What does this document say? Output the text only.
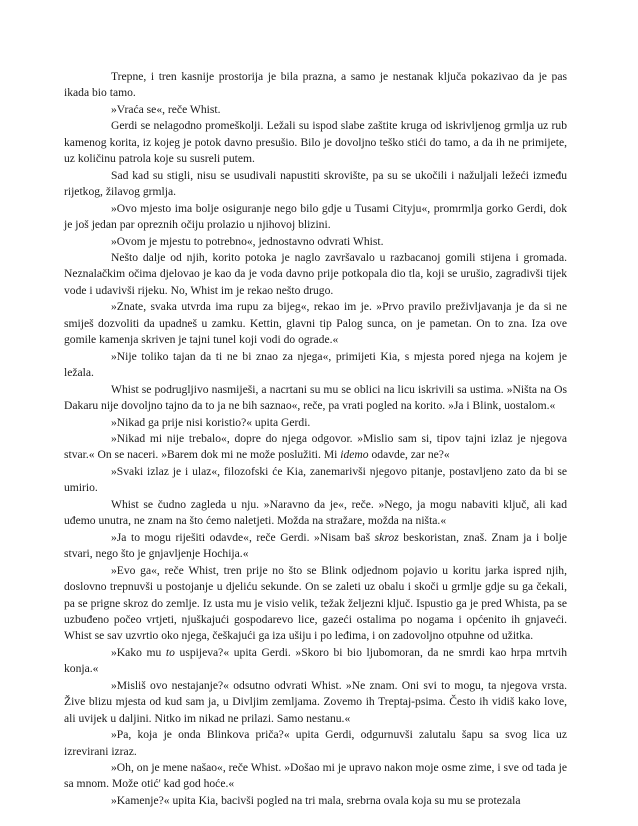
Trepne, i tren kasnije prostorija je bila prazna, a samo je nestanak ključa pokazivao da je pas ikada bio tamo.

»Vraća se«, reče Whist.

Gerdi se nelagodno promeškolji. Ležali su ispod slabe zaštite kruga od iskrivljenog grmlja uz rub kamenog korita, iz kojeg je potok davno presušio. Bilo je dovoljno teško stići do tamo, a da ih ne primijete, uz količinu patrola koje su susreli putem.

Sad kad su stigli, nisu se usudivali napustiti skrovište, pa su se ukočili i nažuljali ležeći između rijetkog, žilavog grmlja.

»Ovo mjesto ima bolje osiguranje nego bilo gdje u Tusami Cityju«, promrmlja gorko Gerdi, dok je još jedan par opreznih očiju prolazio u njihovoj blizini.

»Ovom je mjestu to potrebno«, jednostavno odvrati Whist.

Nešto dalje od njih, korito potoka je naglo završavalo u razbacanoj gomili stijena i gromada. Neznalačkim očima djelovao je kao da je voda davno prije potkopala dio tla, koji se urušio, zagradivši tijek vode i udavivši rijeku. No, Whist im je rekao nešto drugo.

»Znate, svaka utvrda ima rupu za bijeg«, rekao im je. »Prvo pravilo preživljavanja je da si ne smiješ dozvoliti da upadneš u zamku. Kettin, glavni tip Palog sunca, on je pametan. On to zna. Iza ove gomile kamenja skriven je tajni tunel koji vodi do ograde.«

»Nije toliko tajan da ti ne bi znao za njega«, primijeti Kia, s mjesta pored njega na kojem je ležala.

Whist se podrugljivo nasmiješi, a nacrtani su mu se oblici na licu iskrivili sa ustima. »Ništa na Os Dakaru nije dovoljno tajno da to ja ne bih saznao«, reče, pa vrati pogled na korito. »Ja i Blink, uostalom.«

»Nikad ga prije nisi koristio?« upita Gerdi.

»Nikad mi nije trebalo«, dopre do njega odgovor. »Mislio sam si, tipov tajni izlaz je njegova stvar.« On se naceri. »Barem dok mi ne može poslužiti. Mi idemo odavde, zar ne?«

»Svaki izlaz je i ulaz«, filozofski će Kia, zanemarivši njegovo pitanje, postavljeno zato da bi se umirio.

Whist se čudno zagleda u nju. »Naravno da je«, reče. »Nego, ja mogu nabaviti ključ, ali kad uđemo unutra, ne znam na što ćemo naletjeti. Možda na stražare, možda na ništa.«

»Ja to mogu riješiti odavde«, reče Gerdi. »Nisam baš skroz beskoristan, znaš. Znam ja i bolje stvari, nego što je gnjavljenje Hochija.«

»Evo ga«, reče Whist, tren prije no što se Blink odjednom pojavio u koritu jarka ispred njih, doslovno trepnuvši u postojanje u djeliću sekunde. On se zaleti uz obalu i skoči u grmlje gdje su ga čekali, pa se prigne skroz do zemlje. Iz usta mu je visio velik, težak željezni ključ. Ispustio ga je pred Whista, pa se uzbuđeno počeo vrtjeti, njuškajući gospodarevo lice, gazeći ostalima po nogama i općenito ih gnjaveći. Whist se sav uzvrtio oko njega, češkajući ga iza ušiju i po leđima, i on zadovoljno otpuhne od užitka.

»Kako mu to uspijeva?« upita Gerdi. »Skoro bi bio ljubomoran, da ne smrdi kao hrpa mrtvih konja.«

»Misliš ovo nestajanje?« odsutno odvrati Whist. »Ne znam. Oni svi to mogu, ta njegova vrsta. Žive blizu mjesta od kud sam ja, u Divljim zemljama. Zovemo ih Treptaj-psima. Često ih vidiš kako love, ali uvijek u daljini. Nitko im nikad ne prilazi. Samo nestanu.«

»Pa, koja je onda Blinkova priča?« upita Gerdi, odgurnuvši zalutalu šapu sa svog lica uz izrevirani izraz.

»Oh, on je mene našao«, reče Whist. »Došao mi je upravo nakon moje osme zime, i sve od tada je sa mnom. Može otić' kad god hoće.«

»Kamenje?« upita Kia, bacivši pogled na tri mala, srebrna ovala koja su mu se protezala
